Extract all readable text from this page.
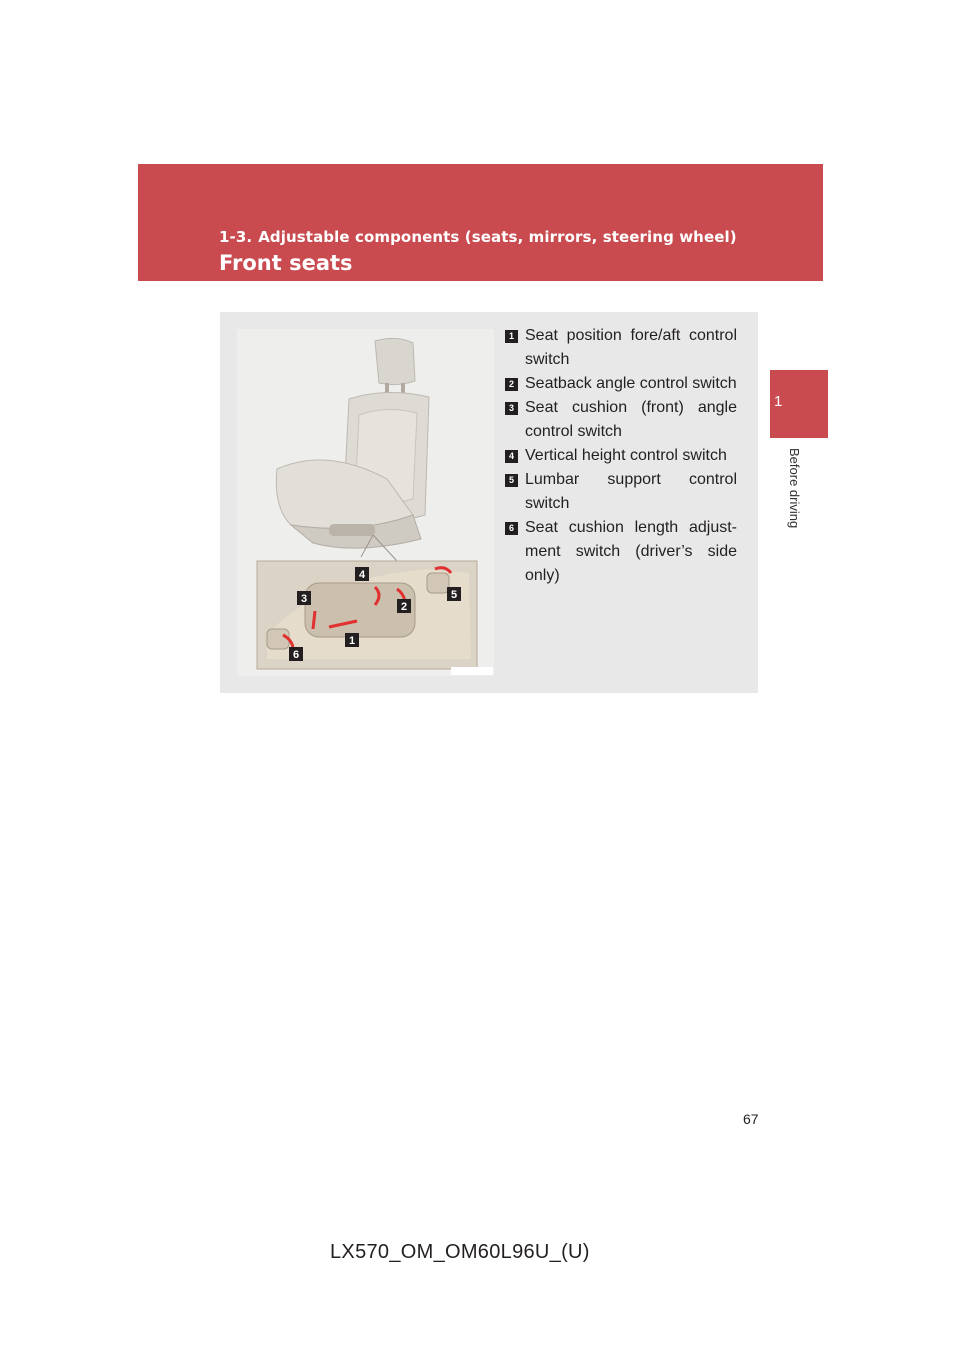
1-3. Adjustable components (seats, mirrors, steering wheel)
Front seats
1
Before driving
1
2
3
4
5
6
1 Seat position fore/aft control switch
2 Seatback angle control switch
3 Seat cushion (front) angle control switch
4 Vertical height control switch
5 Lumbar support control switch
6 Seat cushion length adjust-ment switch (driver’s side only)
67
LX570_OM_OM60L96U_(U)
